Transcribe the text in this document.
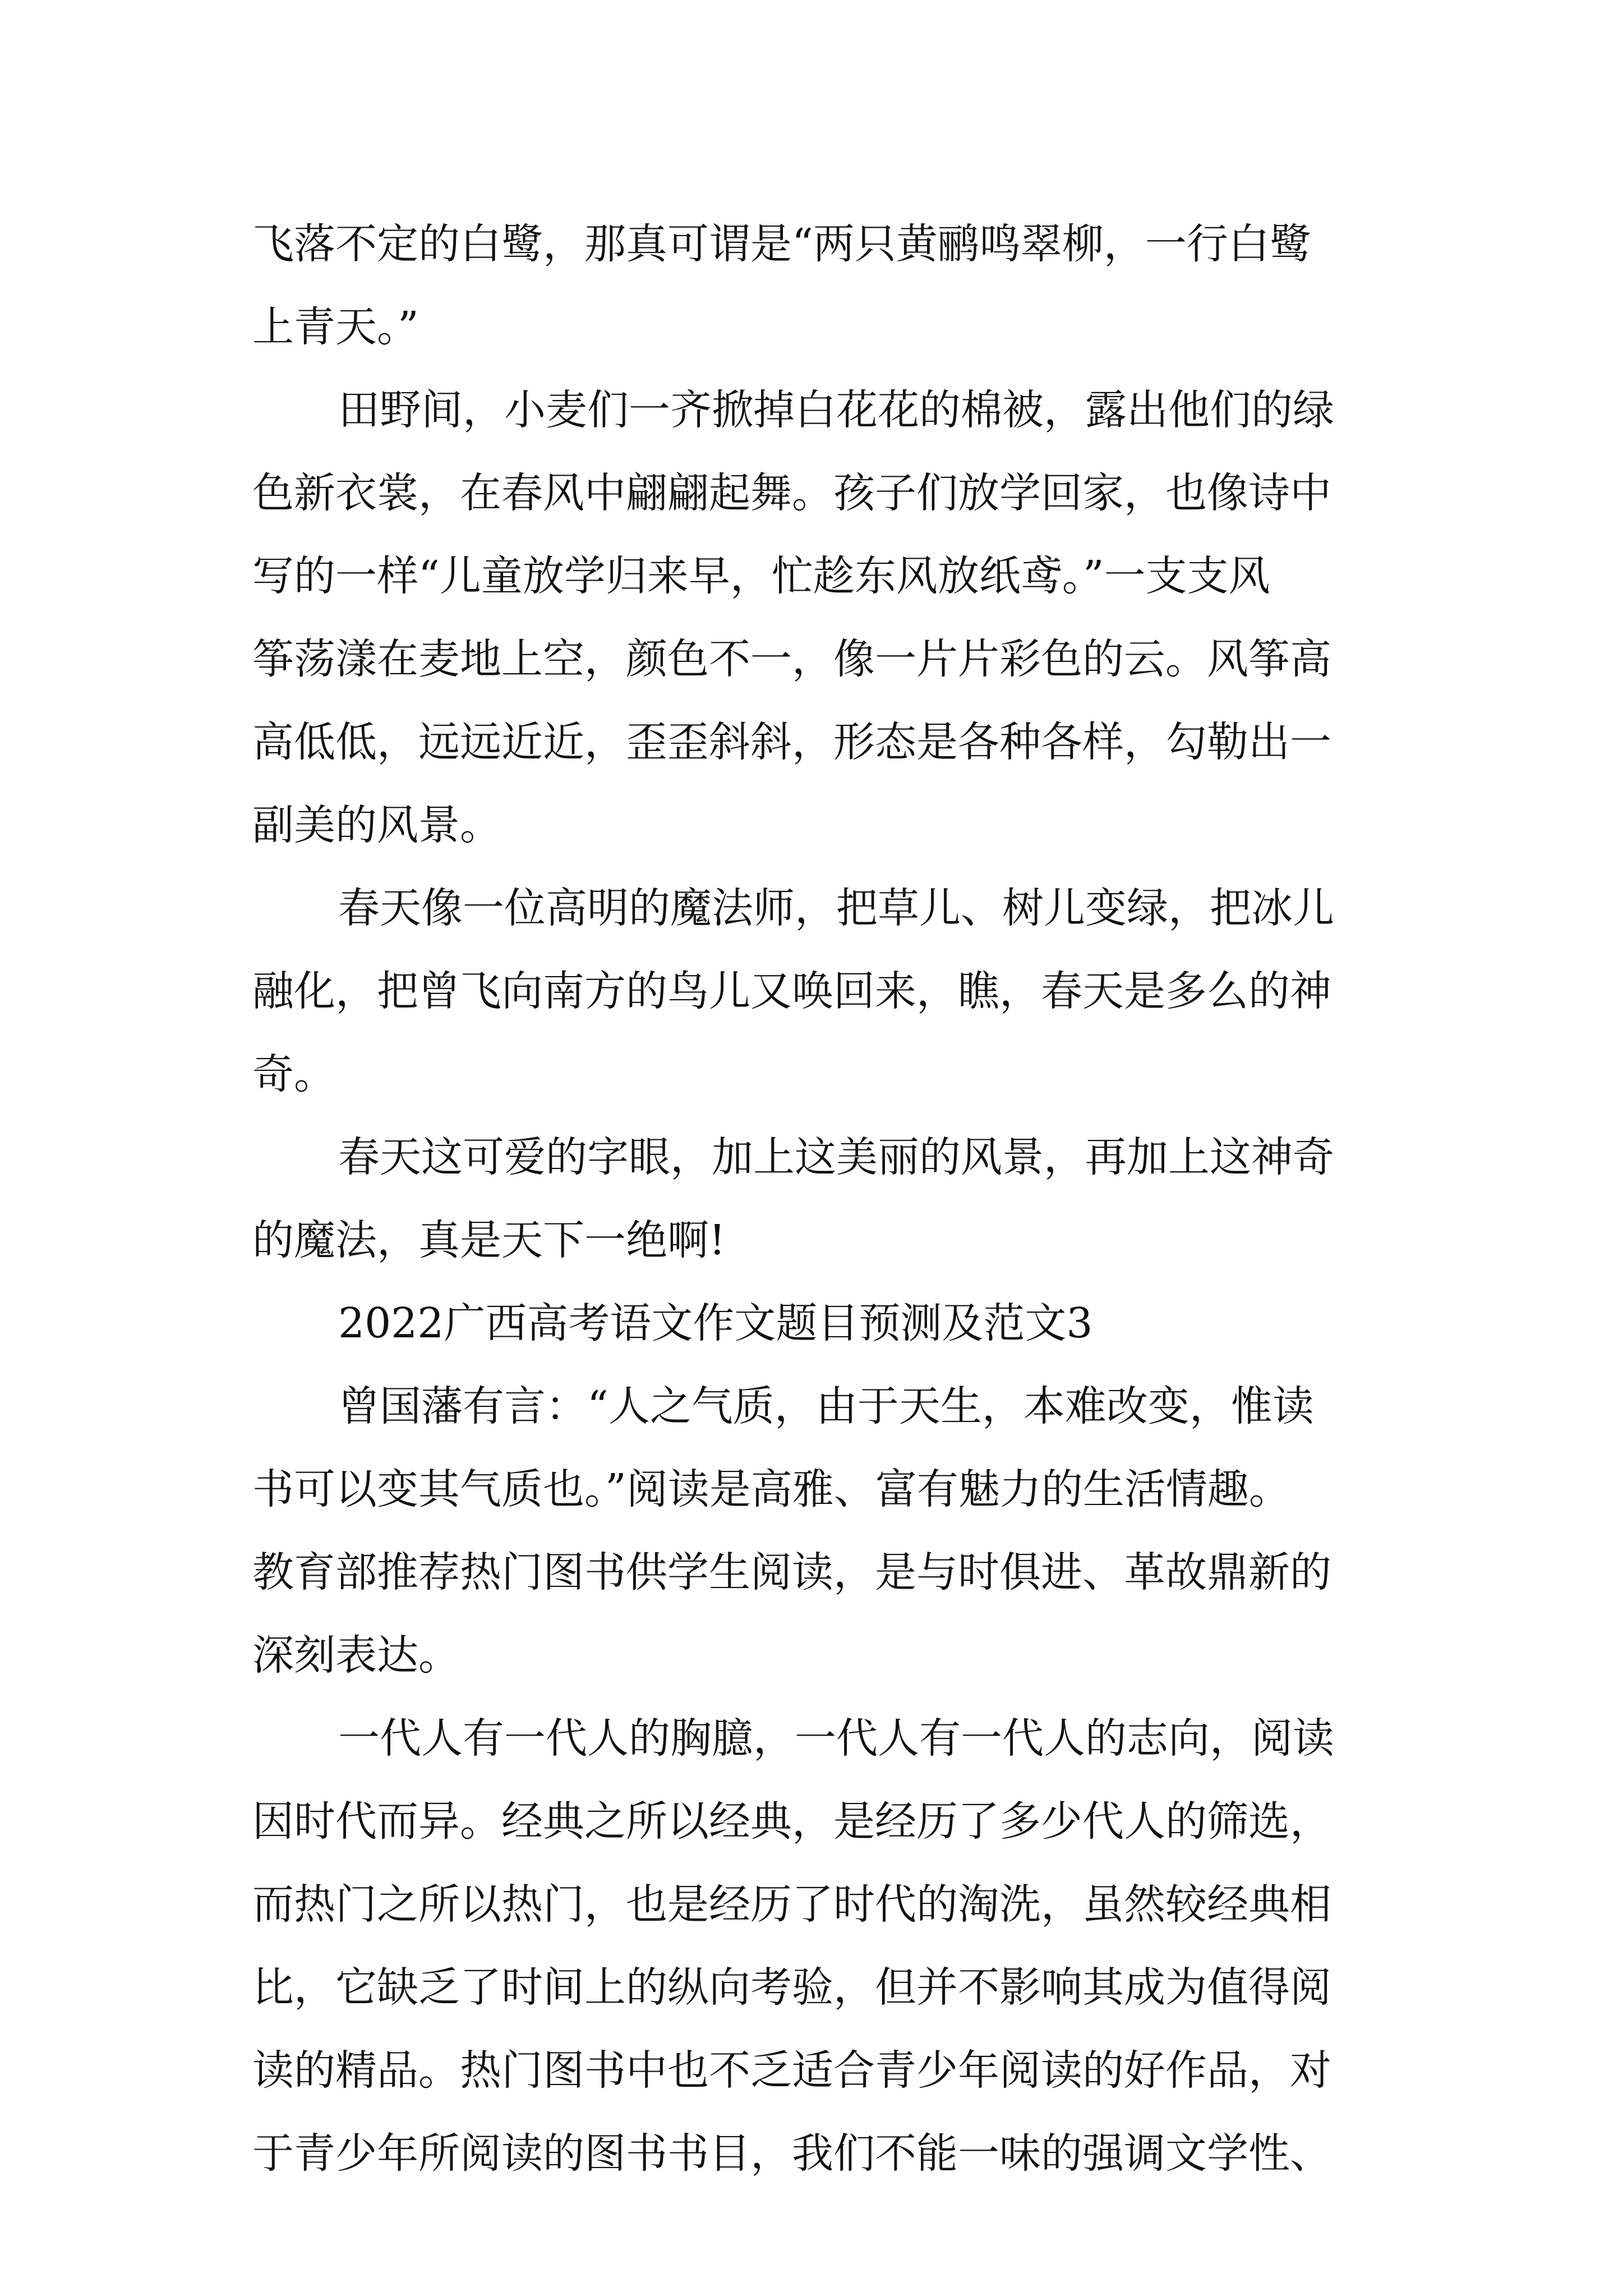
飞落不定的白鹭，那真可谓是“两只黄鹂鸣翠柳，一行白鹭
上青天。”
田野间，小麦们一齐掀掉白花花的棉被，露出他们的绿
色新衣裳，在春风中翩翩起舞。孩子们放学回家，也像诗中
写的一样“儿童放学归来早，忙趁东风放纸鸢。”一支支风
筝荡漾在麦地上空，颜色不一，像一片片彩色的云。风筝高
高低低，远远近近，歪歪斜斜，形态是各种各样，勾勒出一
副美的风景。
春天像一位高明的魔法师，把草儿、树儿变绿，把冰儿
融化，把曾飞向南方的鸟儿又唤回来，瞧，春天是多么的神
奇。
春天这可爱的字眼，加上这美丽的风景，再加上这神奇
的魔法，真是天下一绝啊!
2022广西高考语文作文题目预测及范文3
曾国藩有言：“人之气质，由于天生，本难改变，惟读
书可以变其气质也。”阅读是高雅、富有魅力的生活情趣。
教育部推荐热门图书供学生阅读，是与时俱进、革故鼎新的
深刻表达。
一代人有一代人的胸臆，一代人有一代人的志向，阅读
因时代而异。经典之所以经典，是经历了多少代人的筛选，
而热门之所以热门，也是经历了时代的淘洗，虽然较经典相
比，它缺乏了时间上的纵向考验，但并不影响其成为值得阅
读的精品。热门图书中也不乏适合青少年阅读的好作品，对
于青少年所阅读的图书书目，我们不能一味的强调文学性、
